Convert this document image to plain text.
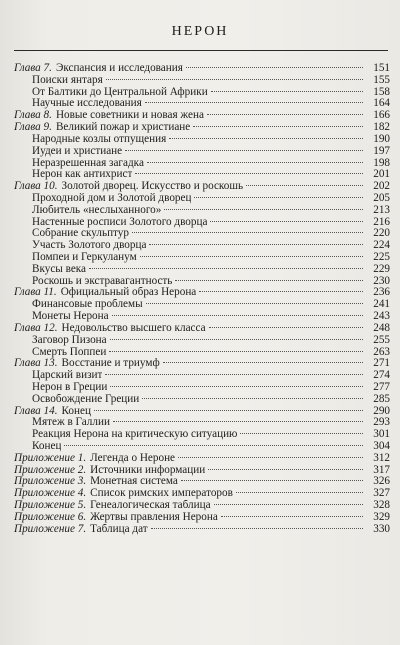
НЕРОН
Глава 7. Экспансия и исследования	151
Поиски янтаря	155
От Балтики до Центральной Африки	158
Научные исследования	164
Глава 8. Новые советники и новая жена	166
Глава 9. Великий пожар и христиане	182
Народные козлы отпущения	190
Иудеи и христиане	197
Неразрешенная загадка	198
Нерон как антихрист	201
Глава 10. Золотой дворец. Искусство и роскошь	202
Проходной дом и Золотой дворец	205
Любитель «неслыханного»	213
Настенные росписи Золотого дворца	216
Собрание скульптур	220
Участь Золотого дворца	224
Помпеи и Геркуланум	225
Вкусы века	229
Роскошь и экстравагантность	230
Глава 11. Официальный образ Нерона	236
Финансовые проблемы	241
Монеты Нерона	243
Глава 12. Недовольство высшего класса	248
Заговор Пизона	255
Смерть Поппеи	263
Глава 13. Восстание и триумф	271
Царский визит	274
Нерон в Греции	277
Освобождение Греции	285
Глава 14. Конец	290
Мятеж в Галлии	293
Реакция Нерона на критическую ситуацию	301
Конец	304
Приложение 1. Легенда о Нероне	312
Приложение 2. Источники информации	317
Приложение 3. Монетная система	326
Приложение 4. Список римских императоров	327
Приложение 5. Генеалогическая таблица	328
Приложение 6. Жертвы правления Нерона	329
Приложение 7. Таблица дат	330
